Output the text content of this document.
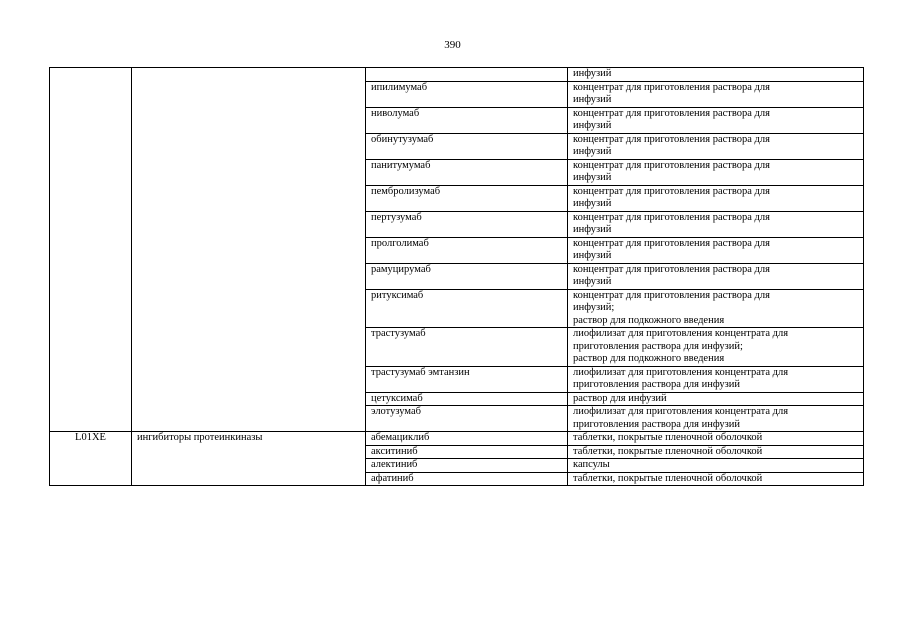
390

			инфузий

		ипилимумаб	концентрат для приготовления раствора для
инфузий

		ниволумаб	концентрат для приготовления раствора для
инфузий

		обинутузумаб	концентрат для приготовления раствора для
инфузий

		панитумумаб	концентрат для приготовления раствора для
инфузий

		пембролизумаб	концентрат для приготовления раствора для
инфузий

		пертузумаб	концентрат для приготовления раствора для
инфузий

		пролголимаб	концентрат для приготовления раствора для
инфузий

		рамуцирумаб	концентрат для приготовления раствора для
инфузий

		ритуксимаб	концентрат для приготовления раствора для
инфузий;
раствор для подкожного введения

		трастузумаб	лиофилизат для приготовления концентрата для
приготовления раствора для инфузий;
раствор для подкожного введения

		трастузумаб эмтанзин	лиофилизат для приготовления концентрата для
приготовления раствора для инфузий

		цетуксимаб	раствор для инфузий

		элотузумаб	лиофилизат для приготовления концентрата для
приготовления раствора для инфузий

L01XE	ингибиторы протеинкиназы	абемациклиб	таблетки, покрытые пленочной оболочкой

		акситиниб	таблетки, покрытые пленочной оболочкой

		алектиниб	капсулы

		афатиниб	таблетки, покрытые пленочной оболочкой
